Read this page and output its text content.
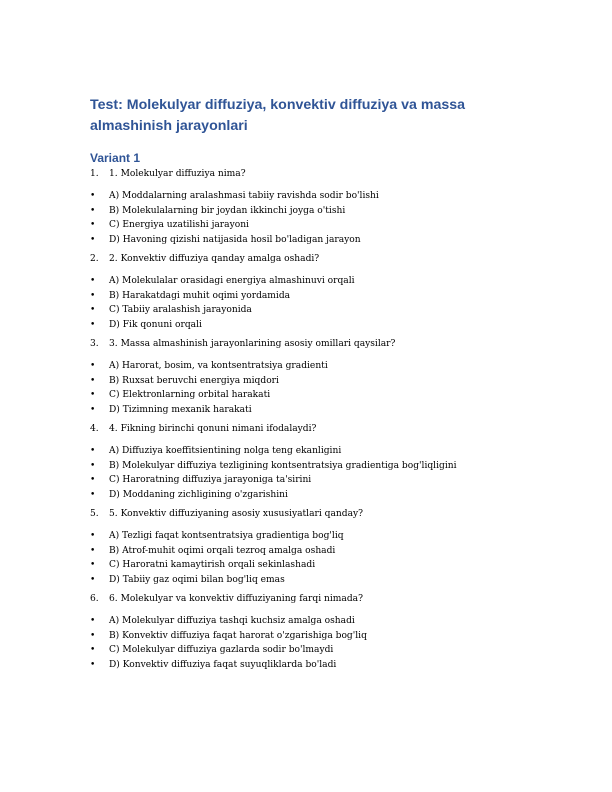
Test: Molekulyar diffuziya, konvektiv diffuziya va massa almashinish jarayonlari
Variant 1

1.	1. Molekulyar diffuziya nima?

•	A) Moddalarning aralashmasi tabiiy ravishda sodir bo'lishi
•	B) Molekulalarning bir joydan ikkinchi joyga o'tishi
•	C) Energiya uzatilishi jarayoni
•	D) Havoning qizishi natijasida hosil bo'ladigan jarayon

2.	2. Konvektiv diffuziya qanday amalga oshadi?

•	A) Molekulalar orasidagi energiya almashinuvi orqali
•	B) Harakatdagi muhit oqimi yordamida
•	C) Tabiiy aralashish jarayonida
•	D) Fik qonuni orqali

3.	3. Massa almashinish jarayonlarining asosiy omillari qaysilar?

•	A) Harorat, bosim, va kontsentratsiya gradienti
•	B) Ruxsat beruvchi energiya miqdori
•	C) Elektronlarning orbital harakati
•	D) Tizimning mexanik harakati

4.	4. Fikning birinchi qonuni nimani ifodalaydi?

•	A) Diffuziya koeffitsientining nolga teng ekanligini
•	B) Molekulyar diffuziya tezligining kontsentratsiya gradientiga bog'liqligini
•	C) Haroratning diffuziya jarayoniga ta'sirini
•	D) Moddaning zichligining o'zgarishini

5.	5. Konvektiv diffuziyaning asosiy xususiyatlari qanday?

•	A) Tezligi faqat kontsentratsiya gradientiga bog'liq
•	B) Atrof-muhit oqimi orqali tezroq amalga oshadi
•	C) Haroratni kamaytirish orqali sekinlashadi
•	D) Tabiiy gaz oqimi bilan bog'liq emas

6.	6. Molekulyar va konvektiv diffuziyaning farqi nimada?

•	A) Molekulyar diffuziya tashqi kuchsiz amalga oshadi
•	B) Konvektiv diffuziya faqat harorat o'zgarishiga bog'liq
•	C) Molekulyar diffuziya gazlarda sodir bo'lmaydi
•	D) Konvektiv diffuziya faqat suyuqliklarda bo'ladi
